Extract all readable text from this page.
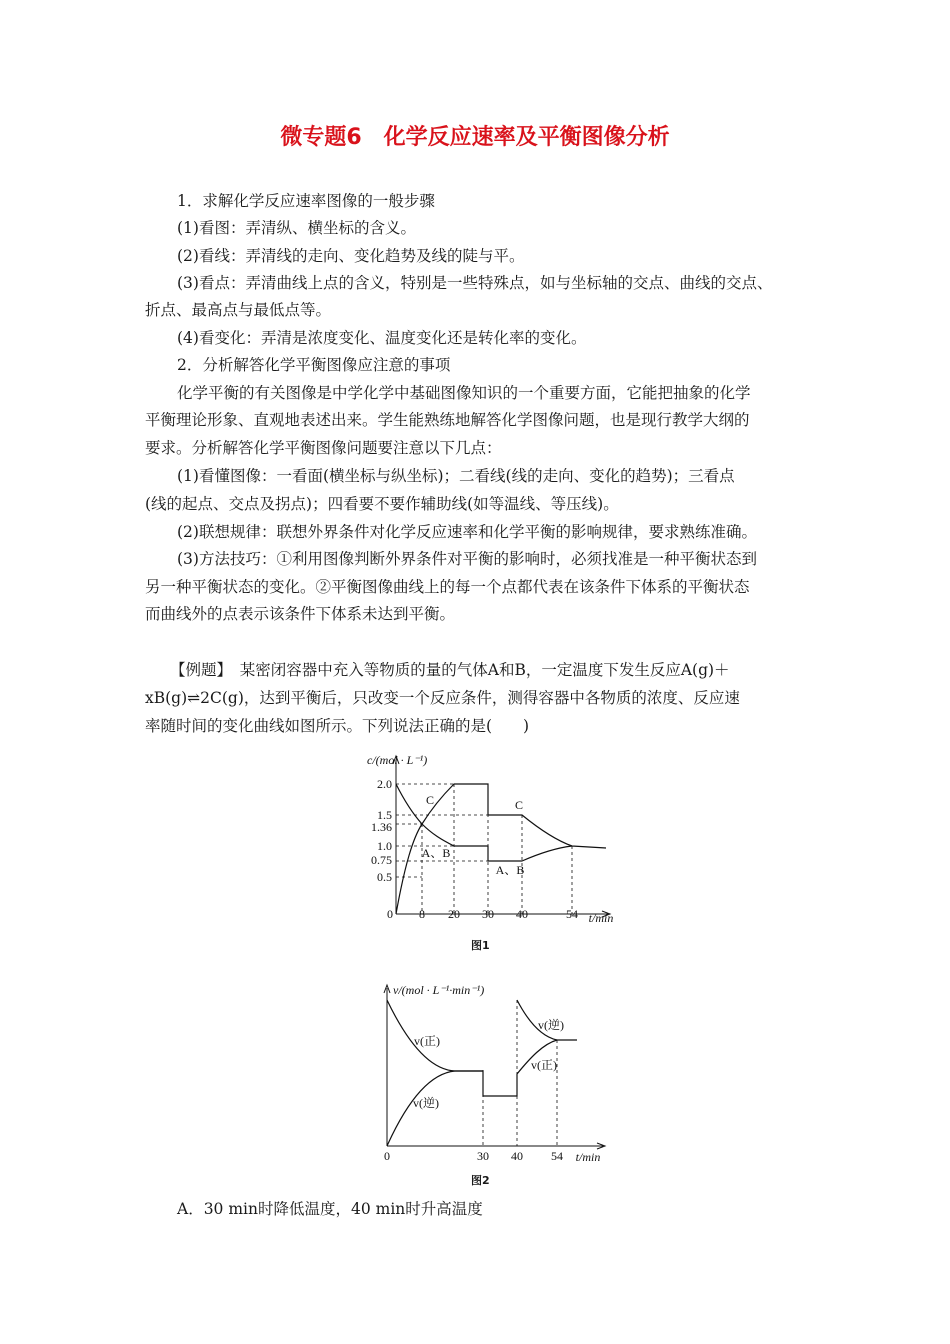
微专题6　化学反应速率及平衡图像分析
1．求解化学反应速率图像的一般步骤
(1)看图：弄清纵、横坐标的含义。
(2)看线：弄清线的走向、变化趋势及线的陡与平。
(3)看点：弄清曲线上点的含义，特别是一些特殊点，如与坐标轴的交点、曲线的交点、
折点、最高点与最低点等。
(4)看变化：弄清是浓度变化、温度变化还是转化率的变化。
2．分析解答化学平衡图像应注意的事项
化学平衡的有关图像是中学化学中基础图像知识的一个重要方面，它能把抽象的化学
平衡理论形象、直观地表述出来。学生能熟练地解答化学图像问题，也是现行教学大纲的
要求。分析解答化学平衡图像问题要注意以下几点：
(1)看懂图像：一看面(横坐标与纵坐标)；二看线(线的走向、变化的趋势)；三看点
(线的起点、交点及拐点)；四看要不要作辅助线(如等温线、等压线)。
(2)联想规律：联想外界条件对化学反应速率和化学平衡的影响规律，要求熟练准确。
(3)方法技巧：①利用图像判断外界条件对平衡的影响时，必须找准是一种平衡状态到
另一种平衡状态的变化。②平衡图像曲线上的每一个点都代表在该条件下体系的平衡状态
而曲线外的点表示该条件下体系未达到平衡。
【例题】　某密闭容器中充入等物质的量的气体A和B，一定温度下发生反应A(g)＋
xB(g)⇌2C(g)，达到平衡后，只改变一个反应条件，测得容器中各物质的浓度、反应速
率随时间的变化曲线如图所示。下列说法正确的是(　　)
A．30 min时降低温度，40 min时升高温度
c/(mol · L⁻¹)
2.0
1.5
1.36
1.0
0.75
0.5
0 8 20 30 40	54 t/min
C
A、B
C
A、B
图1
v/(mol · L⁻¹·min⁻¹)
0	30 40 54 t/min
v(正)
v(逆)
v(逆)
v(正)
图2
